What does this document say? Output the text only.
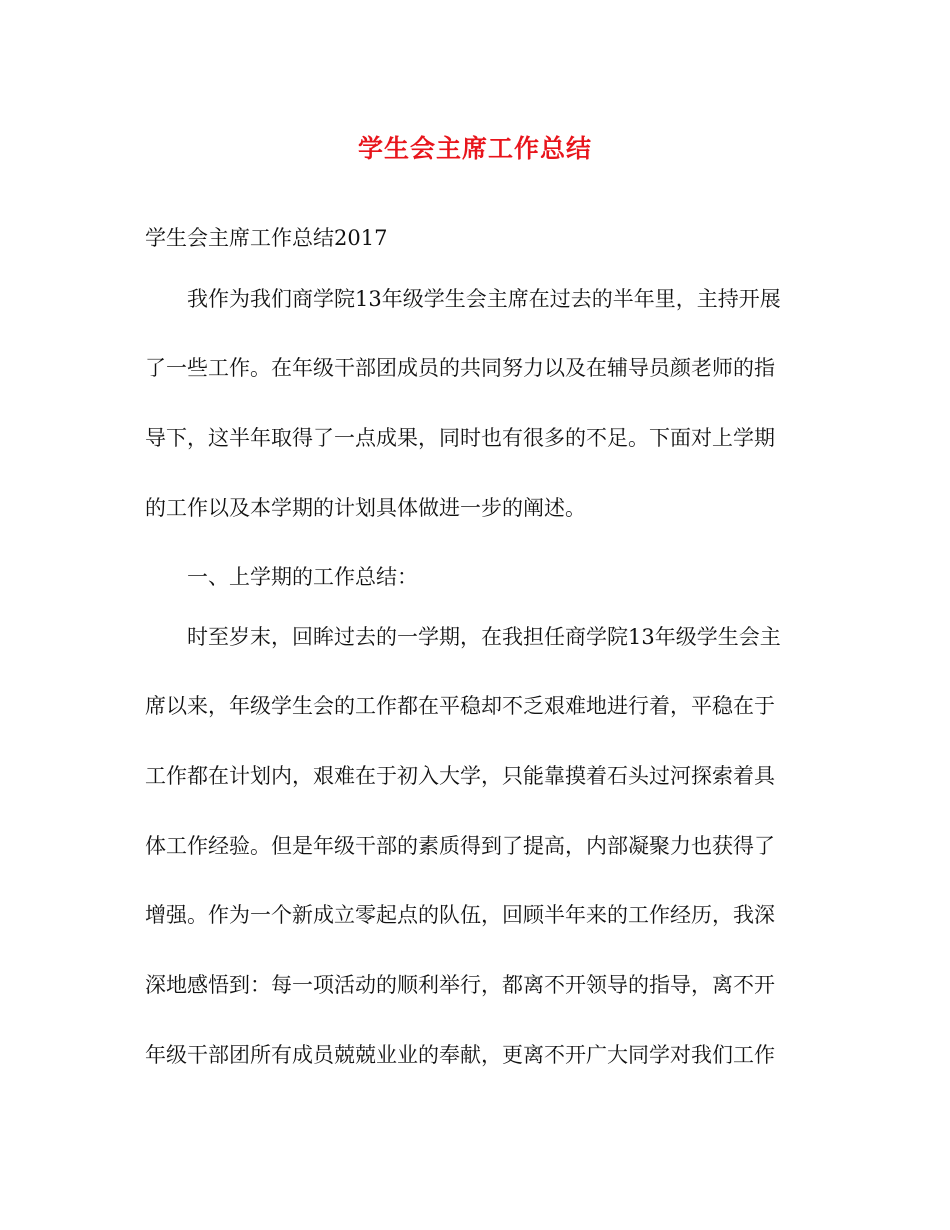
学生会主席工作总结
学生会主席工作总结2017
我作为我们商学院13年级学生会主席在过去的半年里，主持开展
了一些工作。在年级干部团成员的共同努力以及在辅导员颜老师的指
导下，这半年取得了一点成果，同时也有很多的不足。下面对上学期
的工作以及本学期的计划具体做进一步的阐述。
一、上学期的工作总结：
时至岁末，回眸过去的一学期，在我担任商学院13年级学生会主
席以来，年级学生会的工作都在平稳却不乏艰难地进行着，平稳在于
工作都在计划内，艰难在于初入大学，只能靠摸着石头过河探索着具
体工作经验。但是年级干部的素质得到了提高，内部凝聚力也获得了
增强。作为一个新成立零起点的队伍，回顾半年来的工作经历，我深
深地感悟到：每一项活动的顺利举行，都离不开领导的指导，离不开
年级干部团所有成员兢兢业业的奉献，更离不开广大同学对我们工作
